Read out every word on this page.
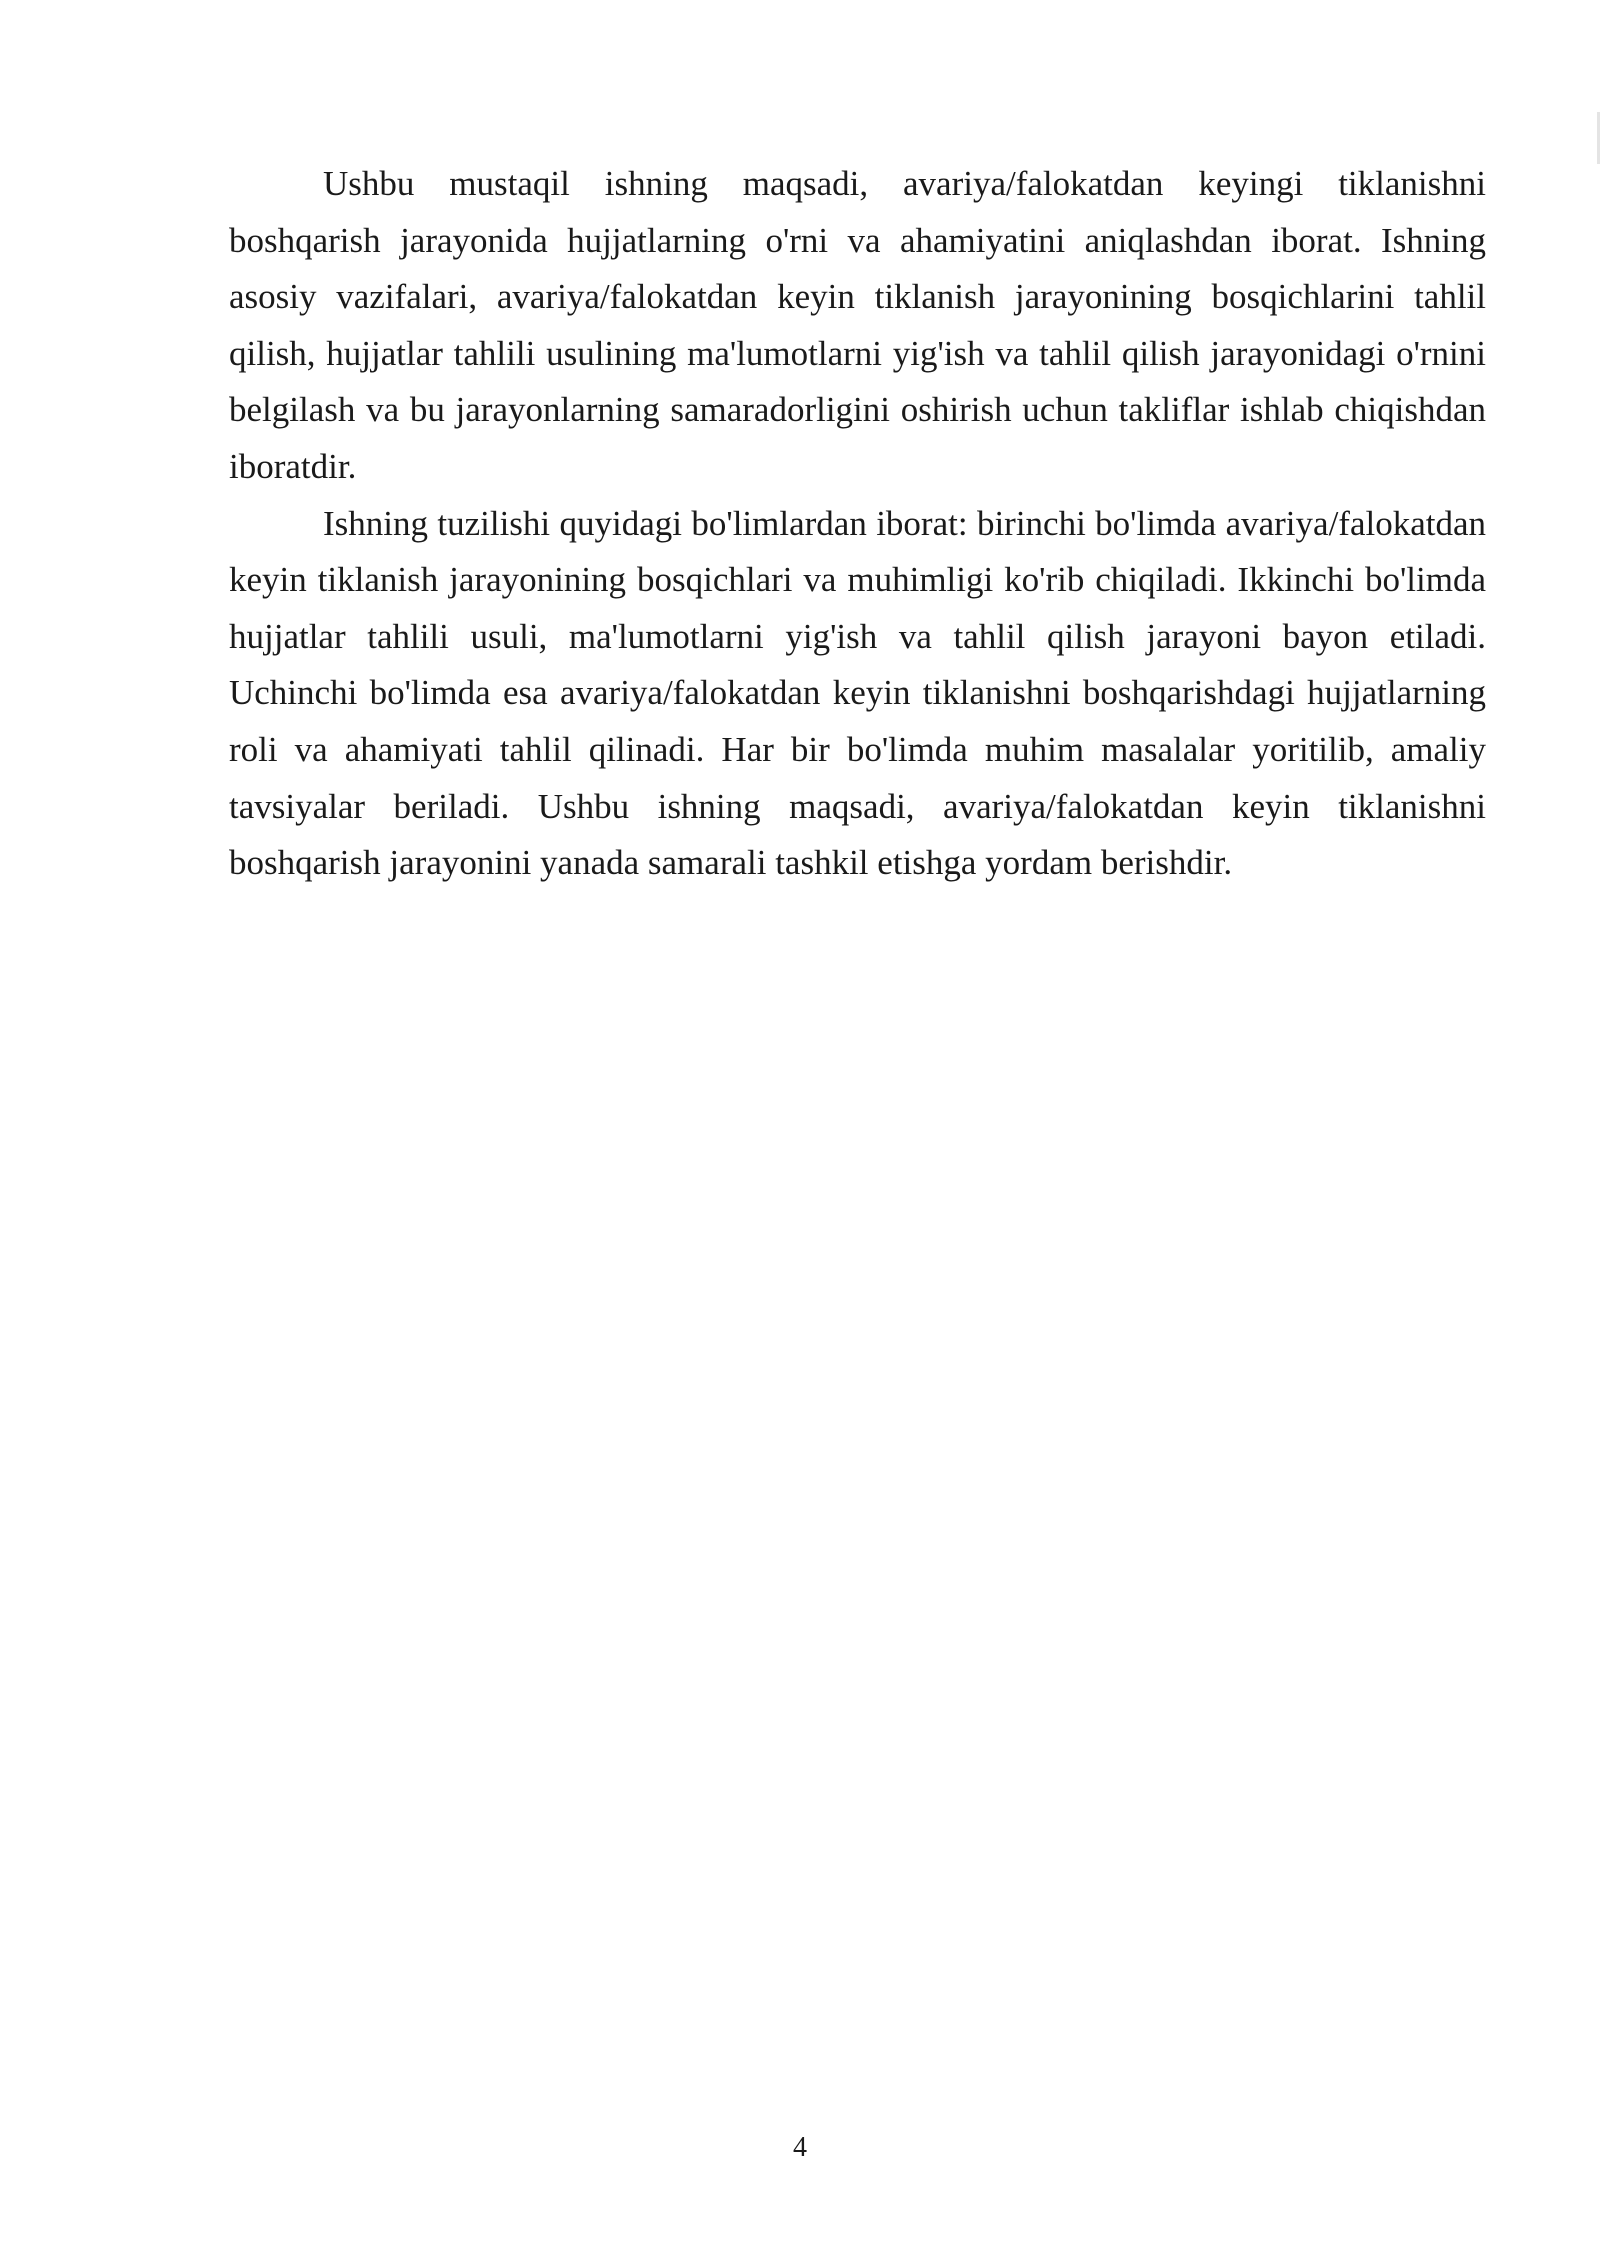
Ushbu mustaqil ishning maqsadi, avariya/falokatdan keyingi tiklanishni boshqarish jarayonida hujjatlarning o'rni va ahamiyatini aniqlashdan iborat. Ishning asosiy vazifalari, avariya/falokatdan keyin tiklanish jarayonining bosqichlarini tahlil qilish, hujjatlar tahlili usulining ma'lumotlarni yig'ish va tahlil qilish jarayonidagi o'rnini belgilash va bu jarayonlarning samaradorligini oshirish uchun takliflar ishlab chiqishdan iboratdir.

Ishning tuzilishi quyidagi bo'limlardan iborat: birinchi bo'limda avariya/falokatdan keyin tiklanish jarayonining bosqichlari va muhimligi ko'rib chiqiladi. Ikkinchi bo'limda hujjatlar tahlili usuli, ma'lumotlarni yig'ish va tahlil qilish jarayoni bayon etiladi. Uchinchi bo'limda esa avariya/falokatdan keyin tiklanishni boshqarishdagi hujjatlarning roli va ahamiyati tahlil qilinadi. Har bir bo'limda muhim masalalar yoritilib, amaliy tavsiyalar beriladi. Ushbu ishning maqsadi, avariya/falokatdan keyin tiklanishni boshqarish jarayonini yanada samarali tashkil etishga yordam berishdir.

4
